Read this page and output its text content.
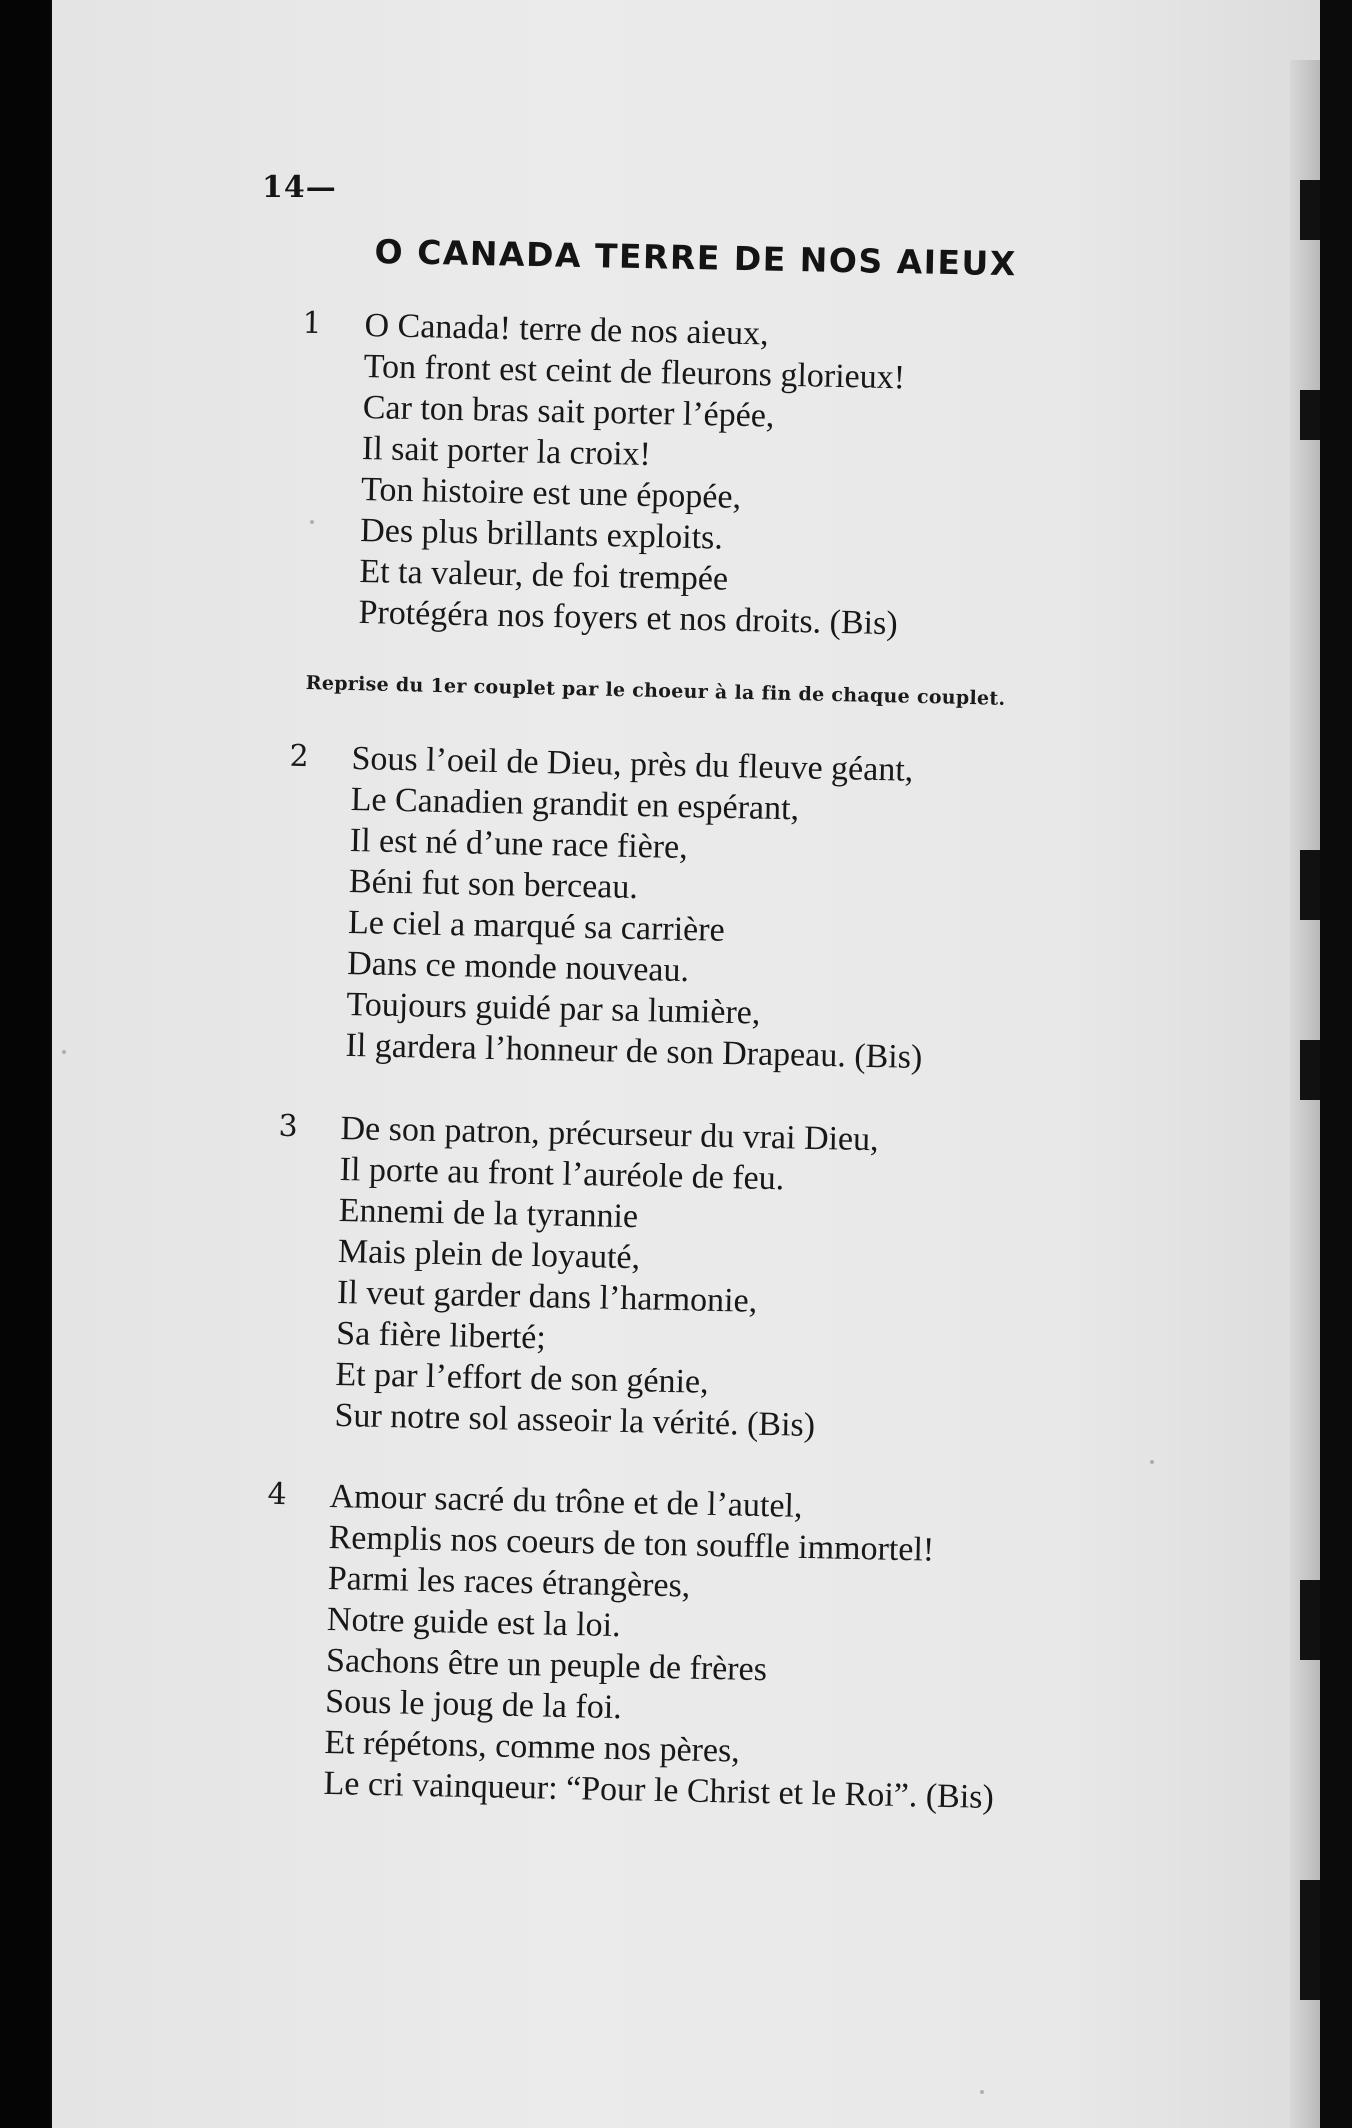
14—
O CANADA TERRE DE NOS AIEUX
1 O Canada! terre de nos aieux,
Ton front est ceint de fleurons glorieux!
Car ton bras sait porter l’épée,
Il sait porter la croix!
Ton histoire est une épopée,
Des plus brillants exploits.
Et ta valeur, de foi trempée
Protégéra nos foyers et nos droits. (Bis)
Reprise du 1er couplet par le choeur à la fin de chaque couplet.
2 Sous l’oeil de Dieu, près du fleuve géant,
Le Canadien grandit en espérant,
Il est né d’une race fière,
Béni fut son berceau.
Le ciel a marqué sa carrière
Dans ce monde nouveau.
Toujours guidé par sa lumière,
Il gardera l’honneur de son Drapeau. (Bis)
3 De son patron, précurseur du vrai Dieu,
Il porte au front l’auréole de feu.
Ennemi de la tyrannie
Mais plein de loyauté,
Il veut garder dans l’harmonie,
Sa fière liberté;
Et par l’effort de son génie,
Sur notre sol asseoir la vérité. (Bis)
4 Amour sacré du trône et de l’autel,
Remplis nos coeurs de ton souffle immortel!
Parmi les races étrangères,
Notre guide est la loi.
Sachons être un peuple de frères
Sous le joug de la foi.
Et répétons, comme nos pères,
Le cri vainqueur: “Pour le Christ et le Roi”. (Bis)
